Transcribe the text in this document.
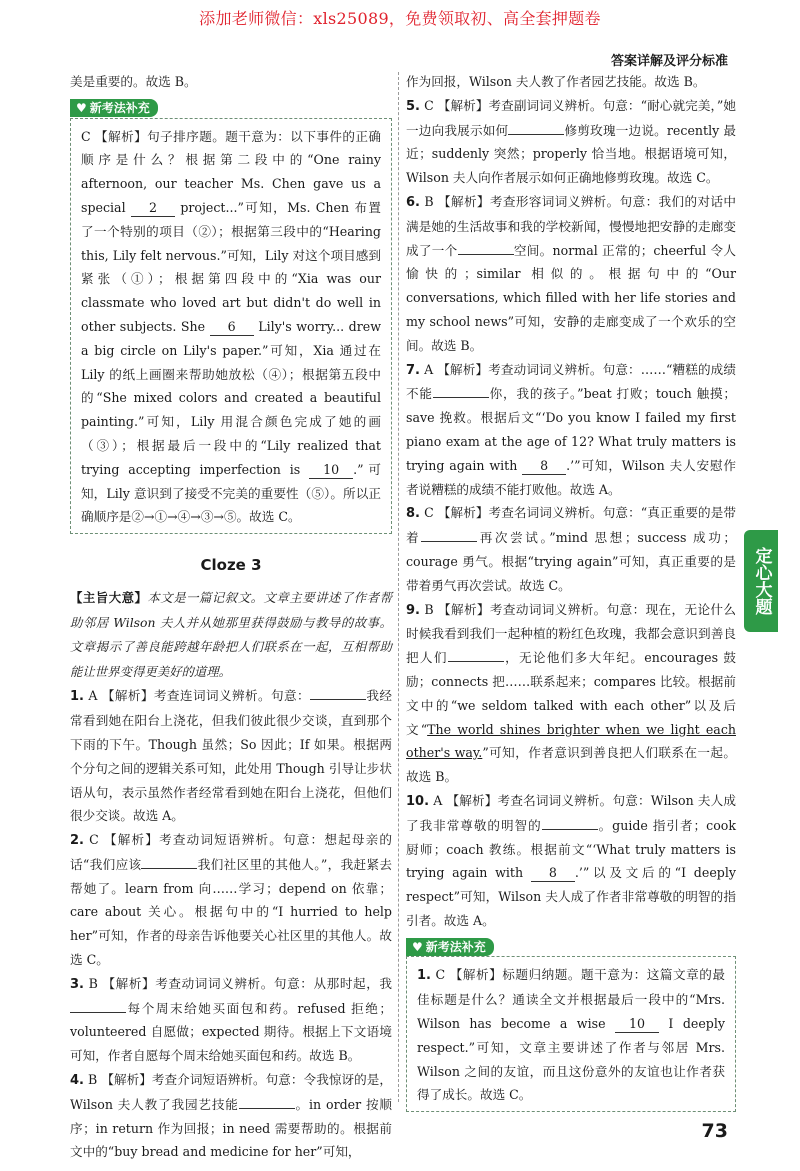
添加老师微信：xls25089，免费领取初、高全套押题卷
答案详解及评分标准
定心大题

美是重要的。故选 B。

♥ 新考法补充

C 【解析】句子排序题。题干意为：以下事件的正确顺序是什么？根据第二段中的“One rainy afternoon, our teacher Ms. Chen gave us a special 2 project...”可知，Ms. Chen 布置了一个特别的项目（②）；根据第三段中的“Hearing this, Lily felt nervous.”可知，Lily 对这个项目感到紧张（①）；根据第四段中的“Xia was our classmate who loved art but didn't do well in other subjects. She 6 Lily's worry... drew a big circle on Lily's paper.”可知，Xia 通过在 Lily 的纸上画圈来帮助她放松（④）；根据第五段中的“She mixed colors and created a beautiful painting.”可知，Lily 用混合颜色完成了她的画（③）；根据最后一段中的“Lily realized that trying accepting imperfection is 10 .”可知，Lily 意识到了接受不完美的重要性（⑤）。所以正确顺序是②→①→④→③→⑤。故选 C。

Cloze 3

【主旨大意】本文是一篇记叙文。文章主要讲述了作者帮助邻居 Wilson 夫人并从她那里获得鼓励与教导的故事。文章揭示了善良能跨越年龄把人们联系在一起，互相帮助能让世界变得更美好的道理。

1. A 【解析】考查连词词义辨析。句意：	我经常看到她在阳台上浇花，但我们彼此很少交谈，直到那个下雨的下午。Though 虽然；So 因此；If 如果。根据两个分句之间的逻辑关系可知，此处用 Though 引导让步状语从句，表示虽然作者经常看到她在阳台上浇花，但他们很少交谈。故选 A。

2. C 【解析】考查动词短语辨析。句意：想起母亲的话“我们应该	我们社区里的其他人。”，我赶紧去帮她了。learn from 向……学习；depend on 依靠；care about 关心。根据句中的“I hurried to help her”可知，作者的母亲告诉他要关心社区里的其他人。故选 C。

3. B 【解析】考查动词词义辨析。句意：从那时起，我每个周末给她买面包和药。refused 拒绝；volunteered 自愿做；expected 期待。根据上下文语境可知，作者自愿每个周末给她买面包和药。故选 B。

4. B 【解析】考查介词短语辨析。句意：令我惊讶的是，Wilson 夫人教了我园艺技能	。in order 按顺序；in return 作为回报；in need 需要帮助的。根据前文中的“buy bread and medicine for her”可知，

作为回报，Wilson 夫人教了作者园艺技能。故选 B。

5. C 【解析】考查副词词义辨析。句意：“耐心就完美，”她一边向我展示如何	修剪玫瑰一边说。recently 最近；suddenly 突然；properly 恰当地。根据语境可知，Wilson 夫人向作者展示如何正确地修剪玫瑰。故选 C。

6. B 【解析】考查形容词词义辨析。句意：我们的对话中满是她的生活故事和我的学校新闻，慢慢地把安静的走廊变成了一个	空间。normal 正常的；cheerful 令人愉快的；similar 相似的。根据句中的“Our conversations, which filled with her life stories and my school news”可知，安静的走廊变成了一个欢乐的空间。故选 B。

7. A 【解析】考查动词词义辨析。句意：……“糟糕的成绩不能	你，我的孩子。”beat 打败；touch 触摸；save 挽救。根据后文“‘Do you know I failed my first piano exam at the age of 12? What truly matters is trying again with 8 .’”可知，Wilson 夫人安慰作者说糟糕的成绩不能打败他。故选 A。

8. C 【解析】考查名词词义辨析。句意：“真正重要的是带着	再次尝试。”mind 思想；success 成功；courage 勇气。根据“trying again”可知，真正重要的是带着勇气再次尝试。故选 C。

9. B 【解析】考查动词词义辨析。句意：现在，无论什么时候我看到我们一起种植的粉红色玫瑰，我都会意识到善良把人们	，无论他们多大年纪。encourages 鼓励；connects 把……联系起来；compares 比较。根据前文中的“we seldom talked with each other”以及后文“The world shines brighter when we light each other's way.”可知，作者意识到善良把人们联系在一起。故选 B。

10. A 【解析】考查名词词义辨析。句意：Wilson 夫人成了我非常尊敬的明智的	。guide 指引者；cook 厨师；coach 教练。根据前文“‘What truly matters is trying again with 8 .’”以及文后的“I deeply respect”可知，Wilson 夫人成了作者非常尊敬的明智的指引者。故选 A。

♥ 新考法补充

1. C 【解析】标题归纳题。题干意为：这篇文章的最佳标题是什么？通读全文并根据最后一段中的“Mrs. Wilson has become a wise 10 I deeply respect.”可知，文章主要讲述了作者与邻居 Mrs. Wilson 之间的友谊，而且这份意外的友谊也让作者获得了成长。故选 C。

73
